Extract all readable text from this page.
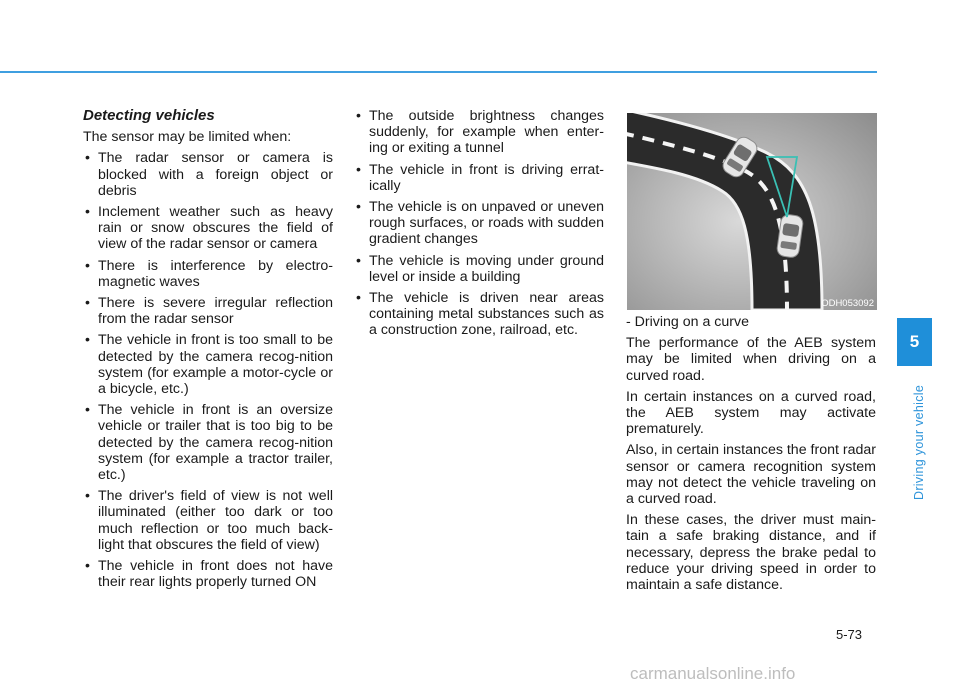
Detecting vehicles
The sensor may be limited when:
• The radar sensor or camera is blocked with a foreign object or debris
• Inclement weather such as heavy rain or snow obscures the field of view of the radar sensor or camera
• There is interference by electro-magnetic waves
• There is severe irregular reflection from the radar sensor
• The vehicle in front is too small to be detected by the camera recog-nition system (for example a motor-cycle or a bicycle, etc.)
• The vehicle in front is an oversize vehicle or trailer that is too big to be detected by the camera recog-nition system (for example a tractor trailer, etc.)
• The driver's field of view is not well illuminated (either too dark or too much reflection or too much back-light that obscures the field of view)
• The vehicle in front does not have their rear lights properly turned ON
• The outside brightness changes suddenly, for example when enter-ing or exiting a tunnel
• The vehicle in front is driving errat-ically
• The vehicle is on unpaved or uneven rough surfaces, or roads with sudden gradient changes
• The vehicle is moving under ground level or inside a building
• The vehicle is driven near areas containing metal substances such as a construction zone, railroad, etc.
ODH053092

- Driving on a curve

The performance of the AEB system may be limited when driving on a curved road.

In certain instances on a curved road, the AEB system may activate prematurely.

Also, in certain instances the front radar sensor or camera recognition system may not detect the vehicle traveling on a curved road.

In these cases, the driver must main-tain a safe braking distance, and if necessary, depress the brake pedal to reduce your driving speed in order to maintain a safe distance.

5
Driving your vehicle
5-73
carmanualsonline.info
